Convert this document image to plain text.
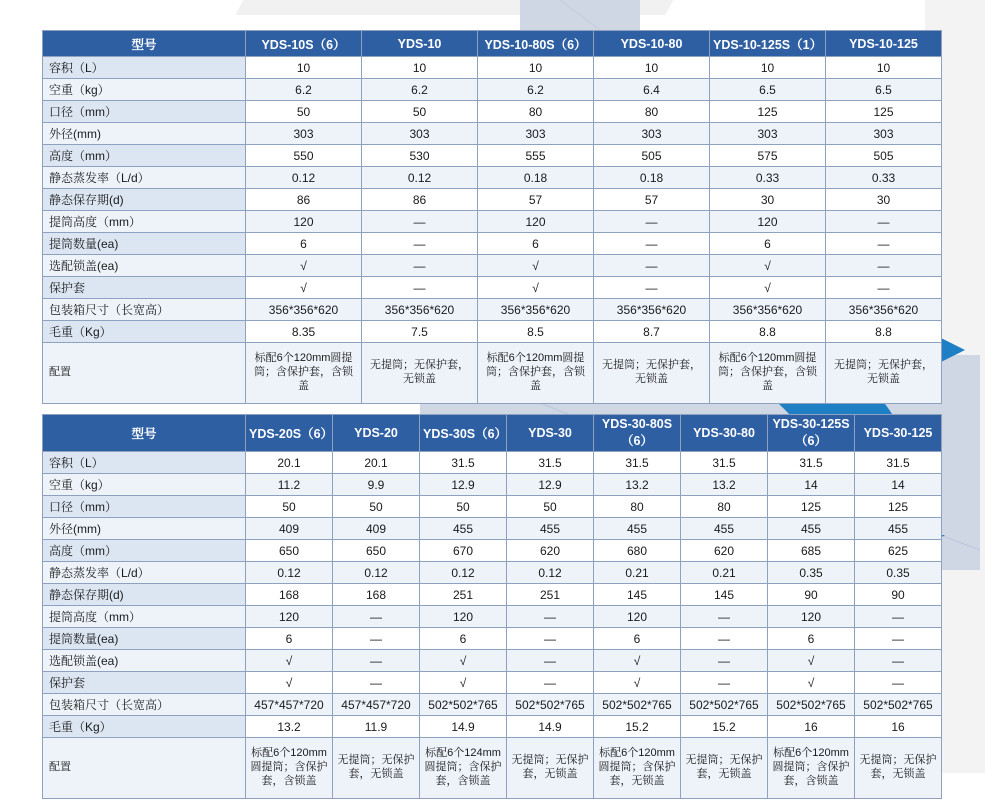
型号	YDS-10S（6）	YDS-10	YDS-10-80S（6）	YDS-10-80	YDS-10-125S（1）	YDS-10-125
容积（L）	10	10	10	10	10	10
空重（kg）	6.2	6.2	6.2	6.4	6.5	6.5
口径（mm）	50	50	80	80	125	125
外径(mm)	303	303	303	303	303	303
高度（mm）	550	530	555	505	575	505
静态蒸发率（L/d）	0.12	0.12	0.18	0.18	0.33	0.33
静态保存期(d)	86	86	57	57	30	30
提筒高度（mm）	120	—	120	—	120	—
提筒数量(ea)	6	—	6	—	6	—
选配锁盖(ea)	√	—	√	—	√	—
保护套	√	—	√	—	√	—
包装箱尺寸（长宽高）	356*356*620	356*356*620	356*356*620	356*356*620	356*356*620	356*356*620
毛重（Kg）	8.35	7.5	8.5	8.7	8.8	8.8
配置	标配6个120mm圆提筒；含保护套，含锁盖	无提筒；无保护套，无锁盖	标配6个120mm圆提筒；含保护套，含锁盖	无提筒；无保护套，无锁盖	标配6个120mm圆提筒；含保护套，含锁盖	无提筒；无保护套，无锁盖
型号	YDS-20S（6）	YDS-20	YDS-30S（6）	YDS-30	YDS-30-80S（6）	YDS-30-80	YDS-30-125S（6）	YDS-30-125
容积（L）	20.1	20.1	31.5	31.5	31.5	31.5	31.5	31.5
空重（kg）	11.2	9.9	12.9	12.9	13.2	13.2	14	14
口径（mm）	50	50	50	50	80	80	125	125
外径(mm)	409	409	455	455	455	455	455	455
高度（mm）	650	650	670	620	680	620	685	625
静态蒸发率（L/d）	0.12	0.12	0.12	0.12	0.21	0.21	0.35	0.35
静态保存期(d)	168	168	251	251	145	145	90	90
提筒高度（mm）	120	—	120	—	120	—	120	—
提筒数量(ea)	6	—	6	—	6	—	6	—
选配锁盖(ea)	√	—	√	—	√	—	√	—
保护套	√	—	√	—	√	—	√	—
包装箱尺寸（长宽高）	457*457*720	457*457*720	502*502*765	502*502*765	502*502*765	502*502*765	502*502*765	502*502*765
毛重（Kg）	13.2	11.9	14.9	14.9	15.2	15.2	16	16
配置	标配6个120mm圆提筒；含保护套，含锁盖	无提筒；无保护套，无锁盖	标配6个124mm圆提筒；含保护套，含锁盖	无提筒；无保护套，无锁盖	标配6个120mm圆提筒；含保护套，无锁盖	无提筒；无保护套，无锁盖	标配6个120mm圆提筒；含保护套，含锁盖	无提筒；无保护套，无锁盖
